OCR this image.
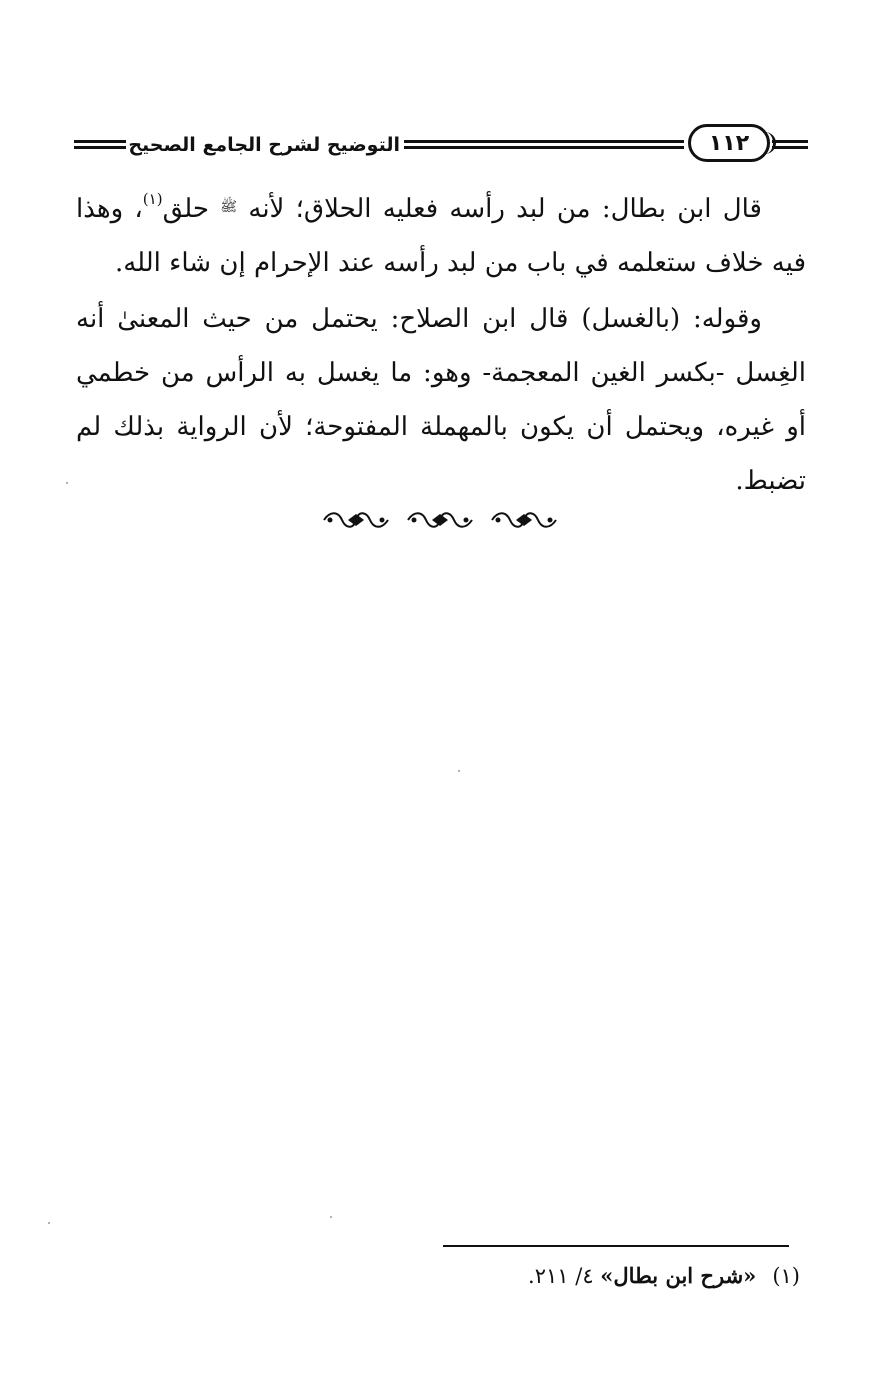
التوضيح لشرح الجامع الصحيح	١١٢

قال ابن بطال: من لبد رأسه فعليه الحلاق؛ لأنه $^ﷺ$ حلق$^{(١)}$، وهذا فيه خلاف ستعلمه في باب من لبد رأسه عند الإحرام إن شاء الله.

وقوله: (بالغسل) قال ابن الصلاح: يحتمل من حيث المعنىٰ أنه الغِسل -بكسر الغين المعجمة- وهو: ما يغسل به الرأس من خطمي أو غيره، ويحتمل أن يكون بالمهملة المفتوحة؛ لأن الرواية بذلك لم تضبط.

(١)«شرح ابن بطال» ٤/ ٢١١.
